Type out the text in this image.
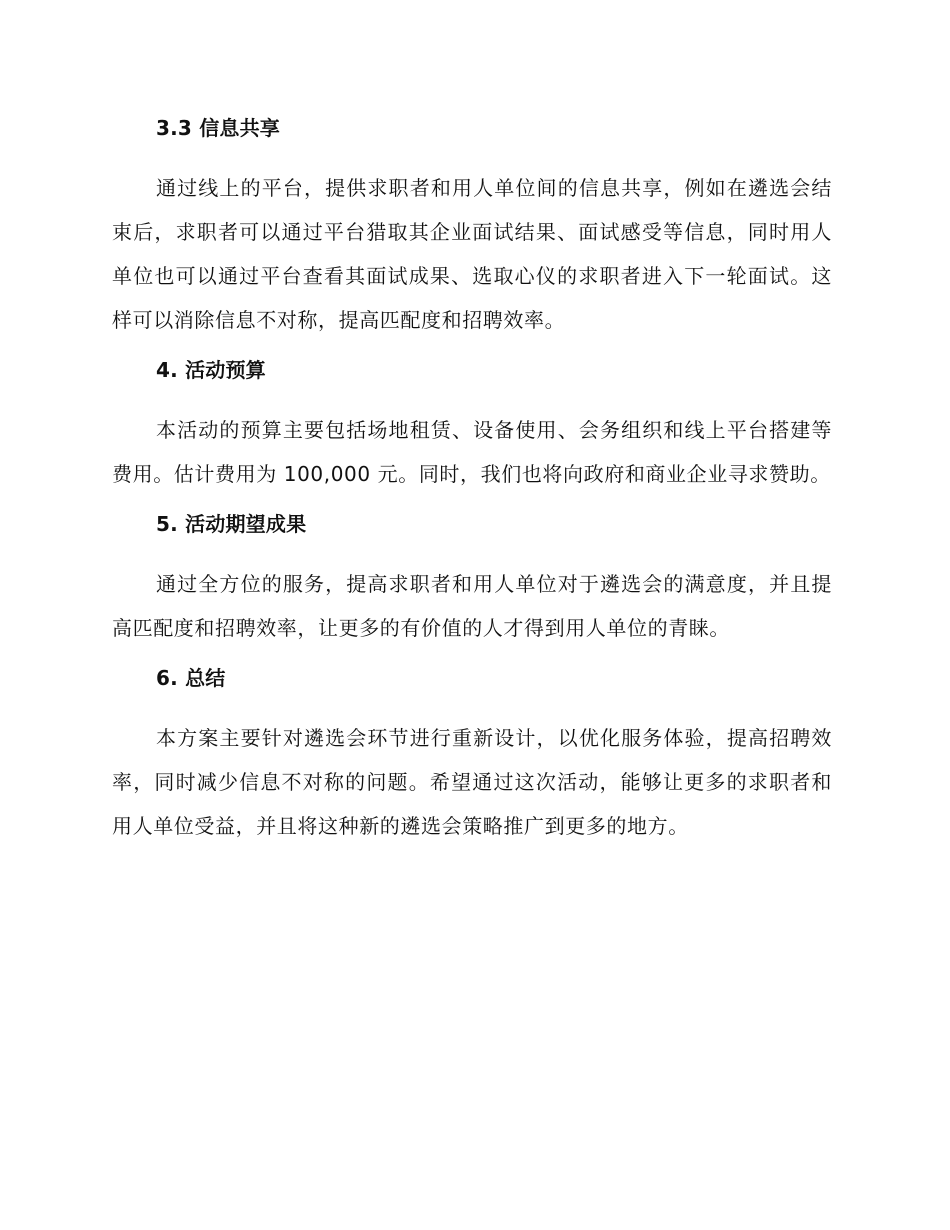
3.3 信息共享

通过线上的平台，提供求职者和用人单位间的信息共享，例如在遴选会结束后，求职者可以通过平台猎取其企业面试结果、面试感受等信息，同时用人单位也可以通过平台查看其面试成果、选取心仪的求职者进入下一轮面试。这样可以消除信息不对称，提高匹配度和招聘效率。

4. 活动预算

本活动的预算主要包括场地租赁、设备使用、会务组织和线上平台搭建等费用。估计费用为 100,000 元。同时，我们也将向政府和商业企业寻求赞助。

5. 活动期望成果

通过全方位的服务，提高求职者和用人单位对于遴选会的满意度，并且提高匹配度和招聘效率，让更多的有价值的人才得到用人单位的青睐。

6. 总结

本方案主要针对遴选会环节进行重新设计，以优化服务体验，提高招聘效率，同时减少信息不对称的问题。希望通过这次活动，能够让更多的求职者和用人单位受益，并且将这种新的遴选会策略推广到更多的地方。
